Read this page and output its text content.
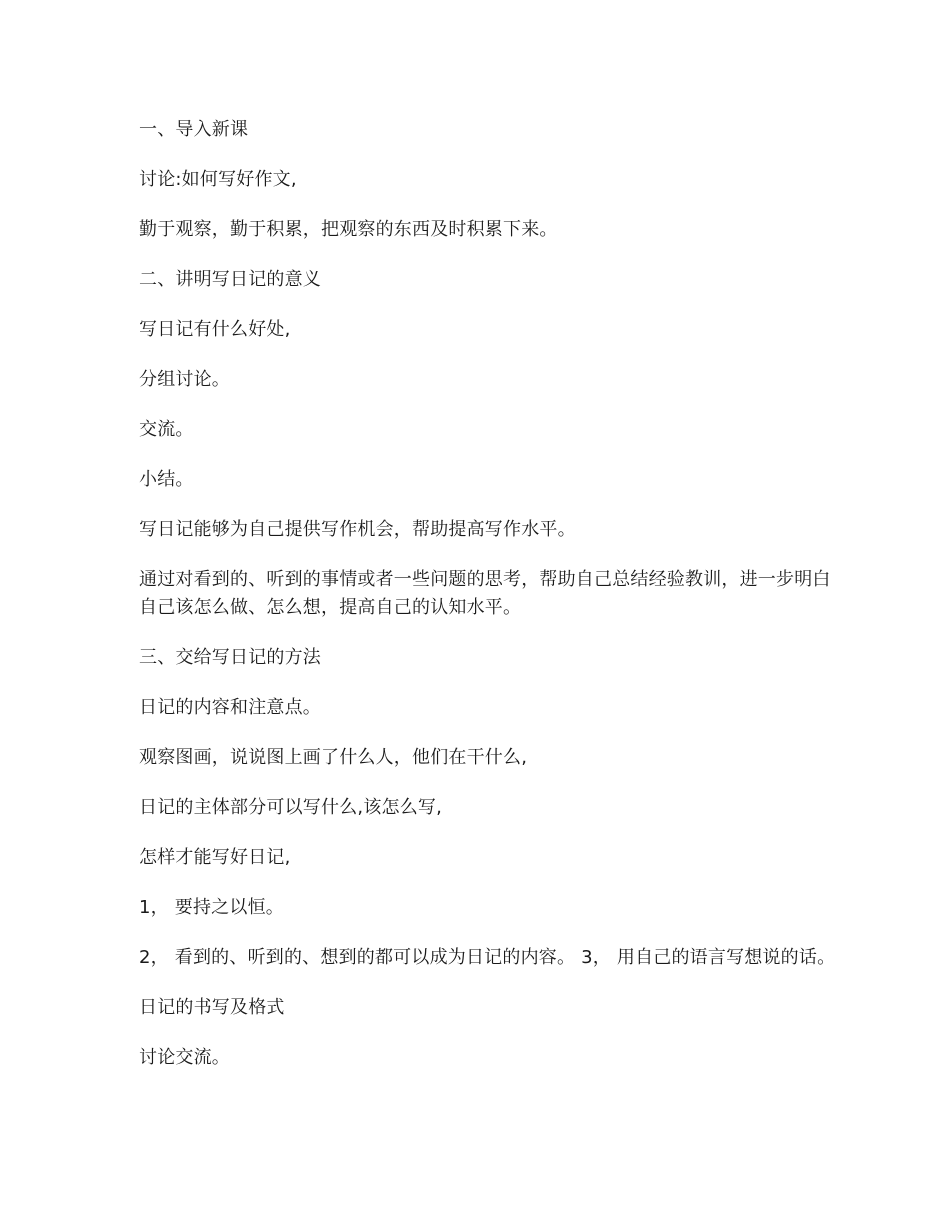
一、导入新课

讨论:如何写好作文,

勤于观察，勤于积累，把观察的东西及时积累下来。

二、讲明写日记的意义

写日记有什么好处,

分组讨论。

交流。

小结。

写日记能够为自己提供写作机会，帮助提高写作水平。

通过对看到的、听到的事情或者一些问题的思考，帮助自己总结经验教训，进一步明白自己该怎么做、怎么想，提高自己的认知水平。

三、交给写日记的方法

日记的内容和注意点。

观察图画，说说图上画了什么人，他们在干什么,

日记的主体部分可以写什么,该怎么写,

怎样才能写好日记,

1， 要持之以恒。

2， 看到的、听到的、想到的都可以成为日记的内容。 3， 用自己的语言写想说的话。

日记的书写及格式

讨论交流。
